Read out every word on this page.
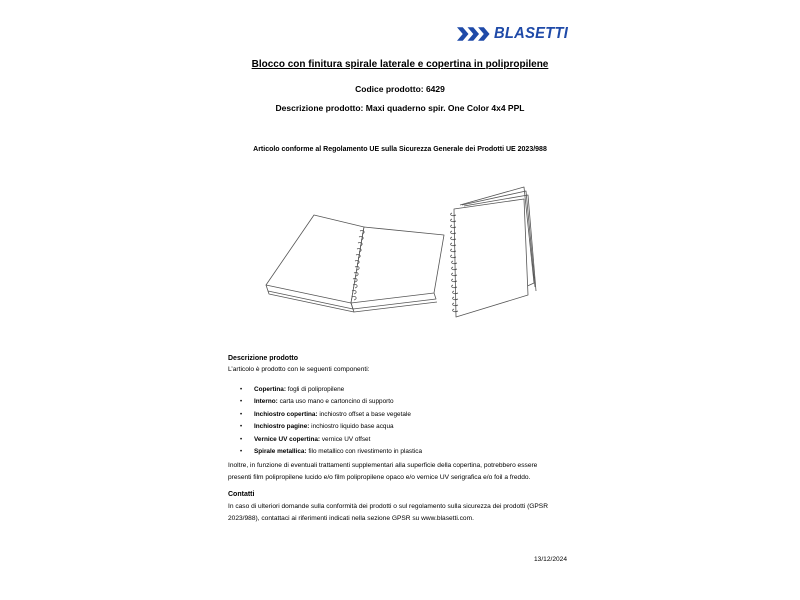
BLASETTI
Blocco con finitura spirale laterale e copertina in polipropilene
Codice prodotto: 6429
Descrizione prodotto: Maxi quaderno spir. One Color 4x4 PPL
Articolo conforme al Regolamento UE sulla Sicurezza Generale dei Prodotti UE 2023/988
Descrizione prodotto
L’articolo è prodotto con le seguenti componenti:
• Copertina: fogli di polipropilene
• Interno: carta uso mano e cartoncino di supporto
• Inchiostro copertina: inchiostro offset a base vegetale
• Inchiostro pagine: inchiostro liquido base acqua
• Vernice UV copertina: vernice UV offset
• Spirale metallica: filo metallico con rivestimento in plastica
Inoltre, in funzione di eventuali trattamenti supplementari alla superficie della copertina, potrebbero essere
presenti film polipropilene lucido e/o film polipropilene opaco e/o vernice UV serigrafica e/o foil a freddo.
Contatti
In caso di ulteriori domande sulla conformità dei prodotti o sul regolamento sulla sicurezza dei prodotti (GPSR
2023/988), contattaci ai riferimenti indicati nella sezione GPSR su www.blasetti.com.
13/12/2024
